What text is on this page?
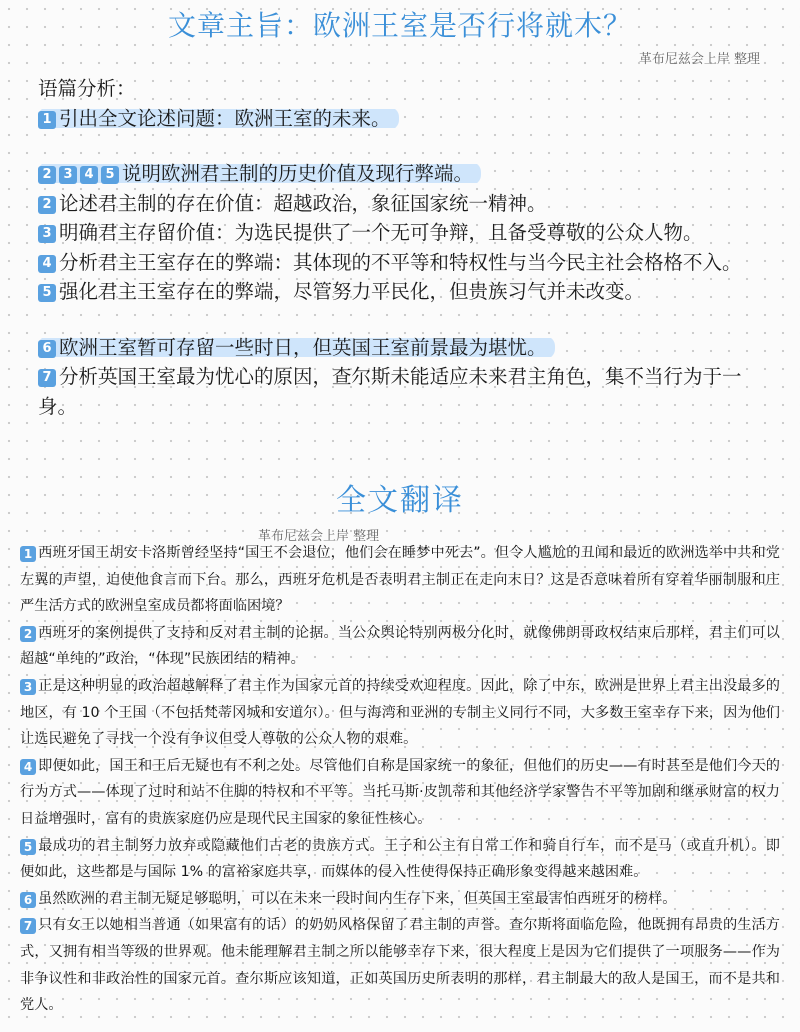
文章主旨：欧洲王室是否行将就木？
革布尼兹会上岸 整理
语篇分析：
1 引出全文论述问题：欧洲王室的未来。
2 3 4 5 说明欧洲君主制的历史价值及现行弊端。
2 论述君主制的存在价值：超越政治，象征国家统一精神。
3 明确君主存留价值：为选民提供了一个无可争辩，且备受尊敬的公众人物。
4 分析君主王室存在的弊端：其体现的不平等和特权性与当今民主社会格格不入。
5 强化君主王室存在的弊端，尽管努力平民化，但贵族习气并未改变。
6 欧洲王室暂可存留一些时日，但英国王室前景最为堪忧。
7 分析英国王室最为忧心的原因，查尔斯未能适应未来君主角色，集不当行为于一身。
全文翻译
革布尼兹会上岸 整理

1 西班牙国王胡安卡洛斯曾经坚持“国王不会退位，他们会在睡梦中死去”。但令人尴尬的丑闻和最近的欧洲选举中共和党左翼的声望，迫使他食言而下台。那么，西班牙危机是否表明君主制正在走向末日？这是否意味着所有穿着华丽制服和庄严生活方式的欧洲皇室成员都将面临困境？

2 西班牙的案例提供了支持和反对君主制的论据。当公众舆论特别两极分化时，就像佛朗哥政权结束后那样，君主们可以超越“单纯的”政治，“体现”民族团结的精神。

3 正是这种明显的政治超越解释了君主作为国家元首的持续受欢迎程度。因此，除了中东，欧洲是世界上君主出没最多的地区，有 10 个王国（不包括梵蒂冈城和安道尔）。但与海湾和亚洲的专制主义同行不同，大多数王室幸存下来，因为他们让选民避免了寻找一个没有争议但受人尊敬的公众人物的艰难。

4 即便如此，国王和王后无疑也有不利之处。尽管他们自称是国家统一的象征，但他们的历史——有时甚至是他们今天的行为方式——体现了过时和站不住脚的特权和不平等。当托马斯·皮凯蒂和其他经济学家警告不平等加剧和继承财富的权力日益增强时，富有的贵族家庭仍应是现代民主国家的象征性核心。

5 最成功的君主制努力放弃或隐藏他们古老的贵族方式。王子和公主有日常工作和骑自行车，而不是马（或直升机）。即便如此，这些都是与国际 1% 的富裕家庭共享，而媒体的侵入性使得保持正确形象变得越来越困难。

6 虽然欧洲的君主制无疑足够聪明，可以在未来一段时间内生存下来，但英国王室最害怕西班牙的榜样。

7 只有女王以她相当普通（如果富有的话）的奶奶风格保留了君主制的声誉。查尔斯将面临危险，他既拥有昂贵的生活方式，又拥有相当等级的世界观。他未能理解君主制之所以能够幸存下来，很大程度上是因为它们提供了一项服务——作为非争议性和非政治性的国家元首。查尔斯应该知道，正如英国历史所表明的那样，君主制最大的敌人是国王，而不是共和党人。
